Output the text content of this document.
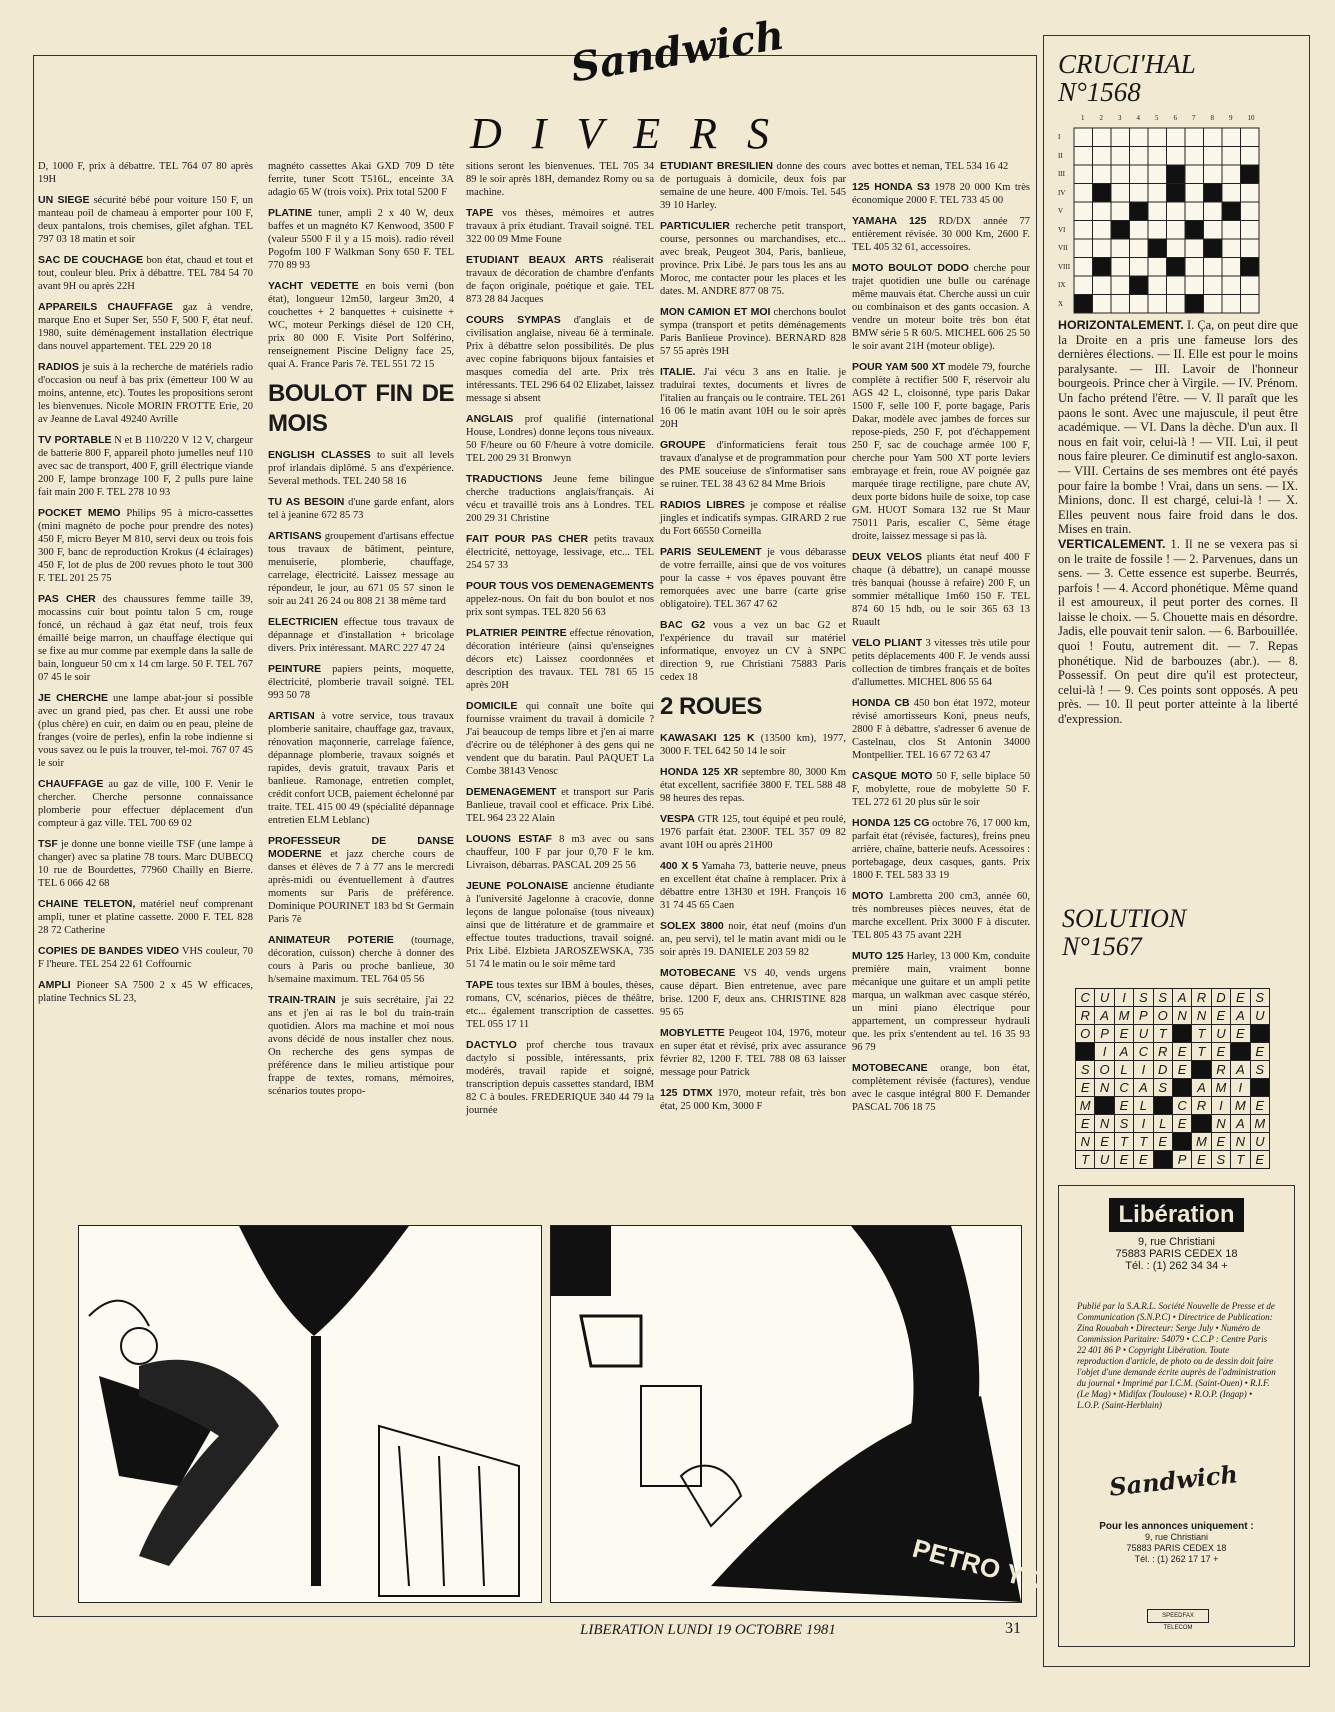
Sandwich
DIVERS

D, 1000 F, prix à débattre. TEL 764 07 80 après 19H

UN SIEGE sécurité bébé pour voiture 150 F, un manteau poil de chameau à emporter pour 100 F, deux pantalons, trois chemises, gilet afghan. TEL 797 03 18 matin et soir

SAC DE COUCHAGE bon état, chaud et tout et tout, couleur bleu. Prix à débattre. TEL 784 54 70 avant 9H ou après 22H

APPAREILS CHAUFFAGE gaz à vendre, marque Eno et Super Ser, 550 F, 500 F, état neuf. 1980, suite déménagement installation électrique dans nouvel appartement. TEL 229 20 18

RADIOS je suis à la recherche de matériels radio d'occasion ou neuf à bas prix (émetteur 100 W au moins, antenne, etc). Toutes les propositions seront les bienvenues. Nicole MORIN FROTTE Erie, 20 av Jeanne de Laval 49240 Avrille

TV PORTABLE N et B 110/220 V 12 V, chargeur de batterie 800 F, appareil photo jumelles neuf 110 avec sac de transport, 400 F, grill électrique viande 200 F, lampe bronzage 100 F, 2 pulls pure laine fait main 200 F. TEL 278 10 93

POCKET MEMO Philips 95 à micro-cassettes (mini magnéto de poche pour prendre des notes) 450 F, micro Beyer M 810, servi deux ou trois fois 300 F, banc de reproduction Krokus (4 éclairages) 450 F, lot de plus de 200 revues photo le tout 300 F. TEL 201 25 75

PAS CHER des chaussures femme taille 39, mocassins cuir bout pointu talon 5 cm, rouge foncé, un réchaud à gaz état neuf, trois feux émaillé beige marron, un chauffage électique qui se fixe au mur comme par exemple dans la salle de bain, longueur 50 cm x 14 cm large. 50 F. TEL 767 07 45 le soir

JE CHERCHE une lampe abat-jour si possible avec un grand pied, pas cher. Et aussi une robe (plus chère) en cuir, en daim ou en peau, pleine de franges (voire de perles), enfin la robe indienne si vous savez ou le puis la trouver, tel-moi. 767 07 45 le soir

CHAUFFAGE au gaz de ville, 100 F. Venir le chercher. Cherche personne connaissance plomberie pour effectuer déplacement d'un compteur à gaz ville. TEL 700 69 02

TSF je donne une bonne vieille TSF (une lampe à changer) avec sa platine 78 tours. Marc DUBECQ 10 rue de Bourdettes, 77960 Chailly en Bierre. TEL 6 066 42 68

CHAINE TELETON, matériel neuf comprenant ampli, tuner et platine cassette. 2000 F. TEL 828 28 72 Catherine

COPIES DE BANDES VIDEO VHS couleur, 70 F l'heure. TEL 254 22 61 Coffournic

AMPLI Pioneer SA 7500 2 x 45 W efficaces, platine Technics SL 23,

magnéto cassettes Akai GXD 709 D tête ferrite, tuner Scott T516L, enceinte 3A adagio 65 W (trois voix). Prix total 5200 F

PLATINE tuner, ampli 2 x 40 W, deux baffes et un magnéto K7 Kenwood, 3500 F (valeur 5500 F il y a 15 mois). radio réveil Pogofm 100 F Walkman Sony 650 F. TEL 770 89 93

YACHT VEDETTE en bois verni (bon état), longueur 12m50, largeur 3m20, 4 couchettes + 2 banquettes + cuisinette + WC, moteur Perkings diésel de 120 CH, prix 80 000 F. Visite Port Solférino, renseignement Piscine Deligny face 25, quai A. France Paris 7è. TEL 551 72 15

BOULOT FIN DE MOIS

ENGLISH CLASSES to suit all levels prof irlandais diplômé. 5 ans d'expérience. Several methods. TEL 240 58 16

TU AS BESOIN d'une garde enfant, alors tel à jeanine 672 85 73

ARTISANS groupement d'artisans effectue tous travaux de bâtiment, peinture, menuiserie, plomberie, chauffage, carrelage, électricité. Laissez message au répondeur, le jour, au 671 05 57 sinon le soir au 241 26 24 ou 808 21 38 même tard

ELECTRICIEN effectue tous travaux de dépannage et d'installation + bricolage divers. Prix intéressant. MARC 227 47 24

PEINTURE papiers peints, moquette, électricité, plomberie travail soigné. TEL 993 50 78

ARTISAN à votre service, tous travaux plomberie sanitaire, chauffage gaz, travaux, rénovation maçonnerie, carrelage faïence, dépannage plomberie, travaux soignés et rapides, devis gratuit, travaux Paris et banlieue. Ramonage, entretien complet, crédit confort UCB, paiement échelonné par traite. TEL 415 00 49 (spécialité dépannage entretien ELM Leblanc)

PROFESSEUR DE DANSE MODERNE et jazz cherche cours de danses et élèves de 7 à 77 ans le mercredi après-midi ou éventuellement à d'autres moments sur Paris de préférence. Dominique POURINET 183 bd St Germain Paris 7è

ANIMATEUR POTERIE (tournage, décoration, cuisson) cherche à donner des cours à Paris ou proche banlieue, 30 h/semaine maximum. TEL 764 05 56

TRAIN-TRAIN je suis secrétaire, j'ai 22 ans et j'en ai ras le bol du train-train quotidien. Alors ma machine et moi nous avons décidé de nous installer chez nous. On recherche des gens sympas de préférence dans le milieu artistique pour frappe de textes, romans, mémoires, scénarios toutes propo-

sitions seront les bienvenues. TEL 705 34 89 le soir après 18H, demandez Romy ou sa machine.

TAPE vos thèses, mémoires et autres travaux à prix étudiant. Travail soigné. TEL 322 00 09 Mme Foune

ETUDIANT BEAUX ARTS réaliserait travaux de décoration de chambre d'enfants de façon originale, poétique et gaie. TEL 873 28 84 Jacques

COURS SYMPAS d'anglais et de civilisation anglaise, niveau 6è à terminale. Prix à débattre selon possibilités. De plus avec copine fabriquons bijoux fantaisies et masques comedia del arte. Prix très intéressants. TEL 296 64 02 Elizabet, laissez message si absent

ANGLAIS prof qualifié (international House, Londres) donne leçons tous niveaux. 50 F/heure ou 60 F/heure à votre domicile. TEL 200 29 31 Bronwyn

TRADUCTIONS Jeune feme bilingue cherche traductions anglais/français. Ai vécu et travaillé trois ans à Londres. TEL 200 29 31 Christine

FAIT POUR PAS CHER petits travaux électricité, nettoyage, lessivage, etc... TEL 254 57 33

POUR TOUS VOS DEMENAGEMENTS appelez-nous. On fait du bon boulot et nos prix sont sympas. TEL 820 56 63

PLATRIER PEINTRE effectue rénovation, décoration intérieure (ainsi qu'enseignes décors etc) Laissez coordonnées et description des travaux. TEL 781 65 15 après 20H

DOMICILE qui connaît une boîte qui fournisse vraiment du travail à domicile ? J'ai beaucoup de temps libre et j'en ai marre d'écrire ou de téléphoner à des gens qui ne vendent que du baratin. Paul PAQUET La Combe 38143 Venosc

DEMENAGEMENT et transport sur Paris Banlieue, travail cool et efficace. Prix Libé. TEL 964 23 22 Alain

LOUONS ESTAF 8 m3 avec ou sans chauffeur, 100 F par jour 0,70 F le km. Livraison, débarras. PASCAL 209 25 56

JEUNE POLONAISE ancienne étudiante à l'université Jagelonne à cracovie, donne leçons de langue polonaise (tous niveaux) ainsi que de littérature et de grammaire et effectue toutes traductions, travail soigné. Prix Libé. Elzbieta JAROSZEWSKA, 735 51 74 le matin ou le soir même tard

TAPE tous textes sur IBM à boules, thèses, romans, CV, scénarios, pièces de théâtre, etc... également transcription de cassettes. TEL 055 17 11

DACTYLO prof cherche tous travaux dactylo si possible, intéressants, prix modérés, travail rapide et soigné, transcription depuis cassettes standard, IBM 82 C à boules. FREDERIQUE 340 44 79 la journée

ETUDIANT BRESILIEN donne des cours de portuguais à domicile, deux fois par semaine de une heure. 400 F/mois. Tel. 545 39 10 Harley.

PARTICULIER recherche petit transport, course, personnes ou marchandises, etc... avec break, Peugeot 304, Paris, banlieue, province. Prix Libé. Je pars tous les ans au Moroc, me contacter pour les places et les dates. M. ANDRE 877 08 75.

MON CAMION ET MOI cherchons boulot sympa (transport et petits déménagements Paris Banlieue Province). BERNARD 828 57 55 après 19H

ITALIE. J'ai vécu 3 ans en Italie. je traduirai textes, documents et livres de l'italien au français ou le contraire. TEL 261 16 06 le matin avant 10H ou le soir après 20H

GROUPE d'informaticiens ferait tous travaux d'analyse et de programmation pour des PME souceiuse de s'informatiser sans se ruiner. TEL 38 43 62 84 Mme Briois

RADIOS LIBRES je compose et réalise jingles et indicatifs sympas. GIRARD 2 rue du Fort 66550 Corneilla

PARIS SEULEMENT je vous débarasse de votre ferraille, ainsi que de vos voitures pour la casse + vos épaves pouvant être remorquées avec une barre (carte grise obligatoire). TEL 367 47 62

BAC G2 vous a vez un bac G2 et l'expérience du travail sur matériel informatique, envoyez un CV à SNPC direction 9, rue Christiani 75883 Paris cedex 18

2 ROUES

KAWASAKI 125 K (13500 km), 1977, 3000 F. TEL 642 50 14 le soir

HONDA 125 XR septembre 80, 3000 Km état excellent, sacrifiée 3800 F. TEL 588 48 98 heures des repas.

VESPA GTR 125, tout équipé et peu roulé, 1976 parfait état. 2300F. TEL 357 09 82 avant 10H ou après 21H00

400 X 5 Yamaha 73, batterie neuve, pneus en excellent état chaîne à remplacer. Prix à débattre entre 13H30 et 19H. François 16 31 74 45 65 Caen

SOLEX 3800 noir, état neuf (moins d'un an, peu servi), tel le matin avant midi ou le soir après 19. DANIELE 203 59 82

MOTOBECANE VS 40, vends urgens cause départ. Bien entretenue, avec pare brise. 1200 F, deux ans. CHRISTINE 828 95 65

MOBYLETTE Peugeot 104, 1976, moteur en super état et révisé, prix avec assurance février 82, 1200 F. TEL 788 08 63 laisser message pour Patrick

125 DTMX 1970, moteur refait, très bon état, 25 000 Km, 3000 F

avec bottes et neman, TEL 534 16 42

125 HONDA S3 1978 20 000 Km très économique 2000 F. TEL 733 45 00

YAMAHA 125 RD/DX année 77 entièrement révisée. 30 000 Km, 2600 F. TEL 405 32 61, accessoires.

MOTO BOULOT DODO cherche pour trajet quotidien une bulle ou carénage même mauvais état. Cherche aussi un cuir ou combinaison et des gants occasion. A vendre un moteur boite très bon état BMW série 5 R 60/5. MICHEL 606 25 50 le soir avant 21H (moteur oblige).

POUR YAM 500 XT modèle 79, fourche complète à rectifier 500 F, réservoir alu AGS 42 L, cloisonné, type paris Dakar 1500 F, selle 100 F, porte bagage, Paris Dakar, modèle avec jambes de forces sur repose-pieds, 250 F, pot d'échappement 250 F, sac de couchage armée 100 F, cherche pour Yam 500 XT porte leviers embrayage et frein, roue AV poignée gaz marquée tirage rectiligne, pare chute AV, deux porte bidons huile de soixe, top case GM. HUOT Somara 132 rue St Maur 75011 Paris, escalier C, 5ème étage droite, laissez message si pas là.

DEUX VELOS pliants état neuf 400 F chaque (à débattre), un canapé mousse très banquai (housse à refaire) 200 F, un sommier métallique 1m60 150 F. TEL 874 60 15 hdb, ou le soir 365 63 13 Ruault

VELO PLIANT 3 vitesses très utile pour petits déplacements 400 F. Je vends aussi collection de timbres français et de boîtes d'allumettes. MICHEL 806 55 64

HONDA CB 450 bon état 1972, moteur révisé amortisseurs Koni, pneus neufs, 2800 F à débattre, s'adresser 6 avenue de Castelnau, clos St Antonin 34000 Montpellier. TEL 16 67 72 63 47

CASQUE MOTO 50 F, selle biplace 50 F, mobylette, roue de mobylette 50 F. TEL 272 61 20 plus sûr le soir

HONDA 125 CG octobre 76, 17 000 km, parfait état (révisée, factures), freins pneu arrière, chaîne, batterie neufs. Acessoires : portebagage, deux casques, gants. Prix 1800 F. TEL 583 33 19

MOTO Lambretta 200 cm3, année 60, très nombreuses pièces neuves, état de marche excellent. Prix 3000 F à discuter. TEL 805 43 75 avant 22H

MUTO 125 Harley, 13 000 Km, conduite première main, vraiment bonne mécanique une guitare et un ampli petite marqua, un walkman avec casque stéréo, un mini piano électrique pour appartement, un compresseur hydrauli que. les prix s'entendent au tel. 16 35 93 96 79

MOTOBECANE orange, bon état, complètement révisée (factures), vendue avec le casque intégral 800 F. Demander PASCAL 706 18 75

PETRO YOYO
LIBERATION LUNDI 19 OCTOBRE 1981	31
CRUCI'HAL
N°1568
1 2 3 4 5 6 7 8 9 10
I
II
III
IV
V
VI
VII
VIII
IX
X
HORIZONTALEMENT. I. Ça, on peut dire que la Droite en a pris une fameuse lors des dernières élections. — II. Elle est pour le moins paralysante. — III. Lavoir de l'honneur bourgeois. Prince cher à Virgile. — IV. Prénom. Un facho prétend l'être. — V. Il paraît que les paons le sont. Avec une majuscule, il peut être académique. — VI. Dans la dèche. D'un aux. Il nous en fait voir, celui-là ! — VII. Lui, il peut nous faire pleurer. Ce diminutif est anglo-saxon. — VIII. Certains de ses membres ont été payés pour faire la bombe ! Vrai, dans un sens. — IX. Minions, donc. Il est chargé, celui-là ! — X. Elles peuvent nous faire froid dans le dos. Mises en train.
VERTICALEMENT. 1. Il ne se vexera pas si on le traite de fossile ! — 2. Parvenues, dans un sens. — 3. Cette essence est superbe. Beurrés, parfois ! — 4. Accord phonétique. Même quand il est amoureux, il peut porter des cornes. Il laisse le choix. — 5. Chouette mais en désordre. Jadis, elle pouvait tenir salon. — 6. Barbouillée. quoi ! Foutu, autrement dit. — 7. Repas phonétique. Nid de barbouzes (abr.). — 8. Possessif. On peut dire qu'il est protecteur, celui-là ! — 9. Ces points sont opposés. A peu près. — 10. Il peut porter atteinte à la liberté d'expression.
SOLUTION
N°1567
C	U	I	S	S	A	R	D	E	S
R	A	M	P	O	N	N	E	A	U
O	P	E	U	T		T	U	E	
	I	A	C	R	E	T	E		E
S	O	L	I	D	E		R	A	S
E	N	C	A	S		A	M	I	
M		E	L		C	R	I	M	E
E	N	S	I	L	E		N	A	M
N	E	T	T	E		M	E	N	U
T	U	E	E		P	E	S	T	E
Libération
9, rue Christiani
75883 PARIS CEDEX 18
Tél. : (1) 262 34 34 +
Publié par la S.A.R.L. Société Nouvelle de Presse et de Communication (S.N.P.C) • Directrice de Publication: Zina Rouabah • Directeur: Serge July • Numéro de Commission Paritaire: 54079 • C.C.P : Centre Paris 22 401 86 P • Copyright Libération. Toute reproduction d'article, de photo ou de dessin doit faire l'objet d'une demande écrite auprès de l'administration du journal • Imprimé par I.C.M. (Saint-Ouen) • R.I.F. (Le Mag) • Midifax (Toulouse) • R.O.P. (Ingap) • L.O.P. (Saint-Herblain)
Sandwich
Pour les annonces uniquement :
9, rue Christiani
75883 PARIS CEDEX 18
Tél. : (1) 262 17 17 +
SPEEDFAX TELECOM
